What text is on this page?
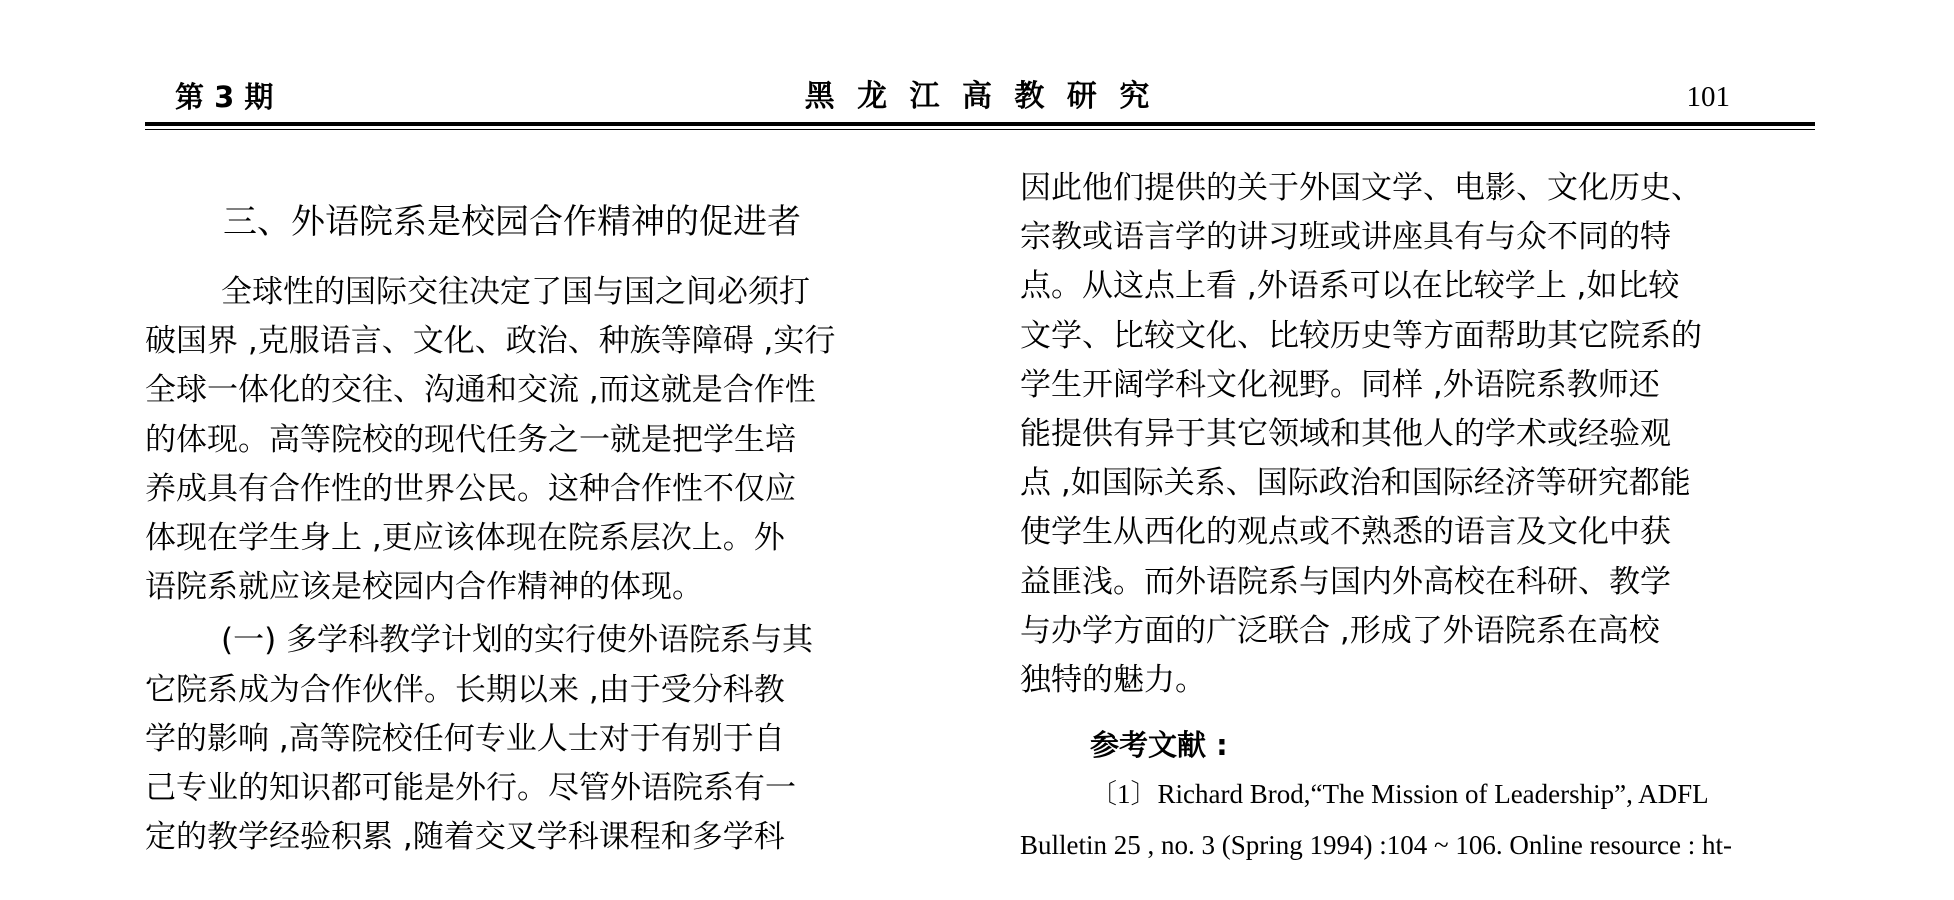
第 3 期	黑 龙 江 高 教 研 究	101
三、外语院系是校园合作精神的促进者
全球性的国际交往决定了国与国之间必须打
破国界 ,克服语言、文化、政治、种族等障碍 ,实行
全球一体化的交往、沟通和交流 ,而这就是合作性
的体现。高等院校的现代任务之一就是把学生培
养成具有合作性的世界公民。这种合作性不仅应
体现在学生身上 ,更应该体现在院系层次上。外
语院系就应该是校园内合作精神的体现。
(一) 多学科教学计划的实行使外语院系与其
它院系成为合作伙伴。长期以来 ,由于受分科教
学的影响 ,高等院校任何专业人士对于有别于自
己专业的知识都可能是外行。尽管外语院系有一
定的教学经验积累 ,随着交叉学科课程和多学科
因此他们提供的关于外国文学、电影、文化历史、
宗教或语言学的讲习班或讲座具有与众不同的特
点。从这点上看 ,外语系可以在比较学上 ,如比较
文学、比较文化、比较历史等方面帮助其它院系的
学生开阔学科文化视野。同样 ,外语院系教师还
能提供有异于其它领域和其他人的学术或经验观
点 ,如国际关系、国际政治和国际经济等研究都能
使学生从西化的观点或不熟悉的语言及文化中获
益匪浅。而外语院系与国内外高校在科研、教学
与办学方面的广泛联合 ,形成了外语院系在高校
独特的魅力。
参考文献 :
〔1〕Richard Brod,“The Mission of Leadership”, ADFL
Bulletin 25 , no. 3 (Spring 1994) :104 ~ 106. Online resource : ht-
